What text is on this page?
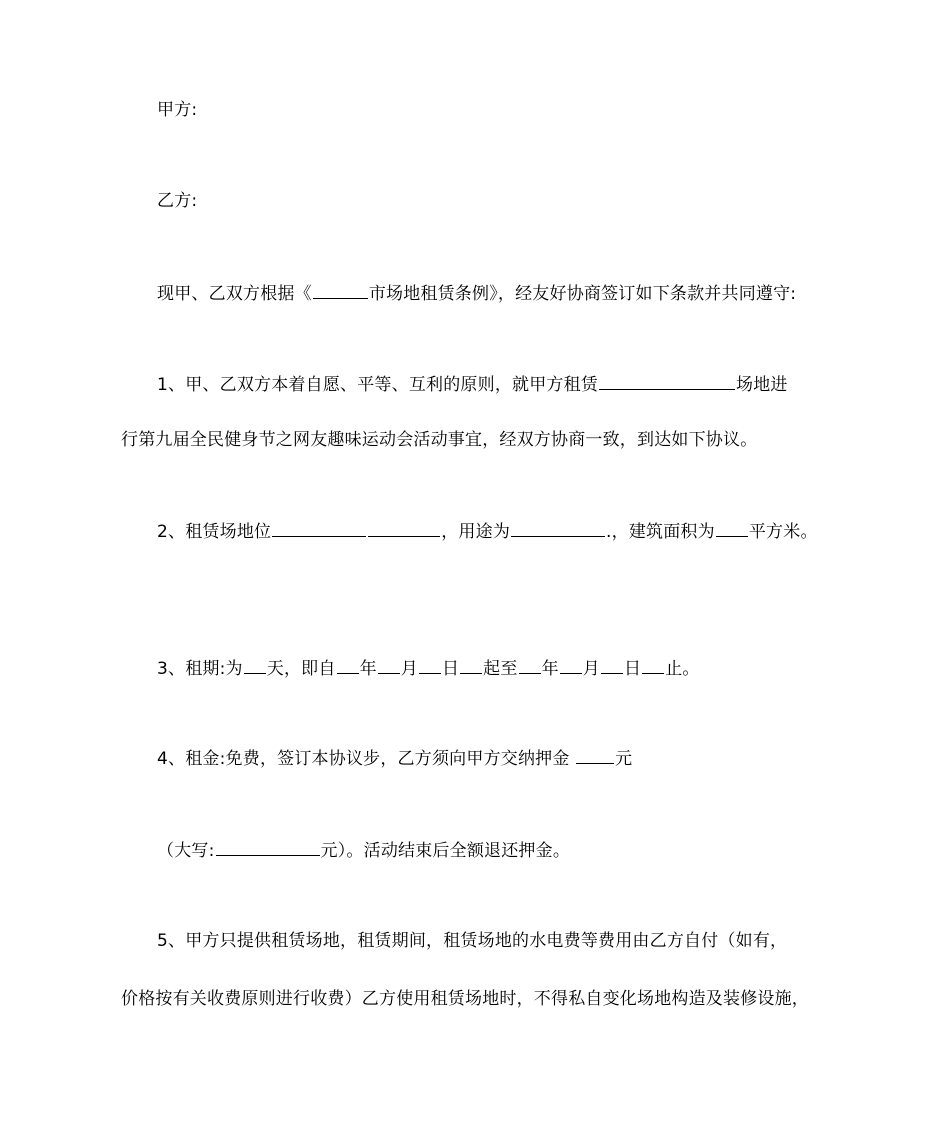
甲方:
乙方:
现甲、乙双方根据《	市场地租赁条例》，经友好协商签订如下条款并共同遵守:
1、甲、乙双方本着自愿、平等、互利的原则，就甲方租赁	场地进
行第九届全民健身节之网友趣味运动会活动事宜，经双方协商一致，到达如下协议。
2、租赁场地位	，用途为	.，建筑面积为 平方米。
3、租期:为 天，即自 年 月 日 起至 年 月 日 止。
4、租金:免费，签订本协议步，乙方须向甲方交纳押金	元
（大写:	元）。活动结束后全额退还押金。
5、甲方只提供租赁场地，租赁期间，租赁场地的水电费等费用由乙方自付（如有，
价格按有关收费原则进行收费）乙方使用租赁场地时，不得私自变化场地构造及装修设施，
